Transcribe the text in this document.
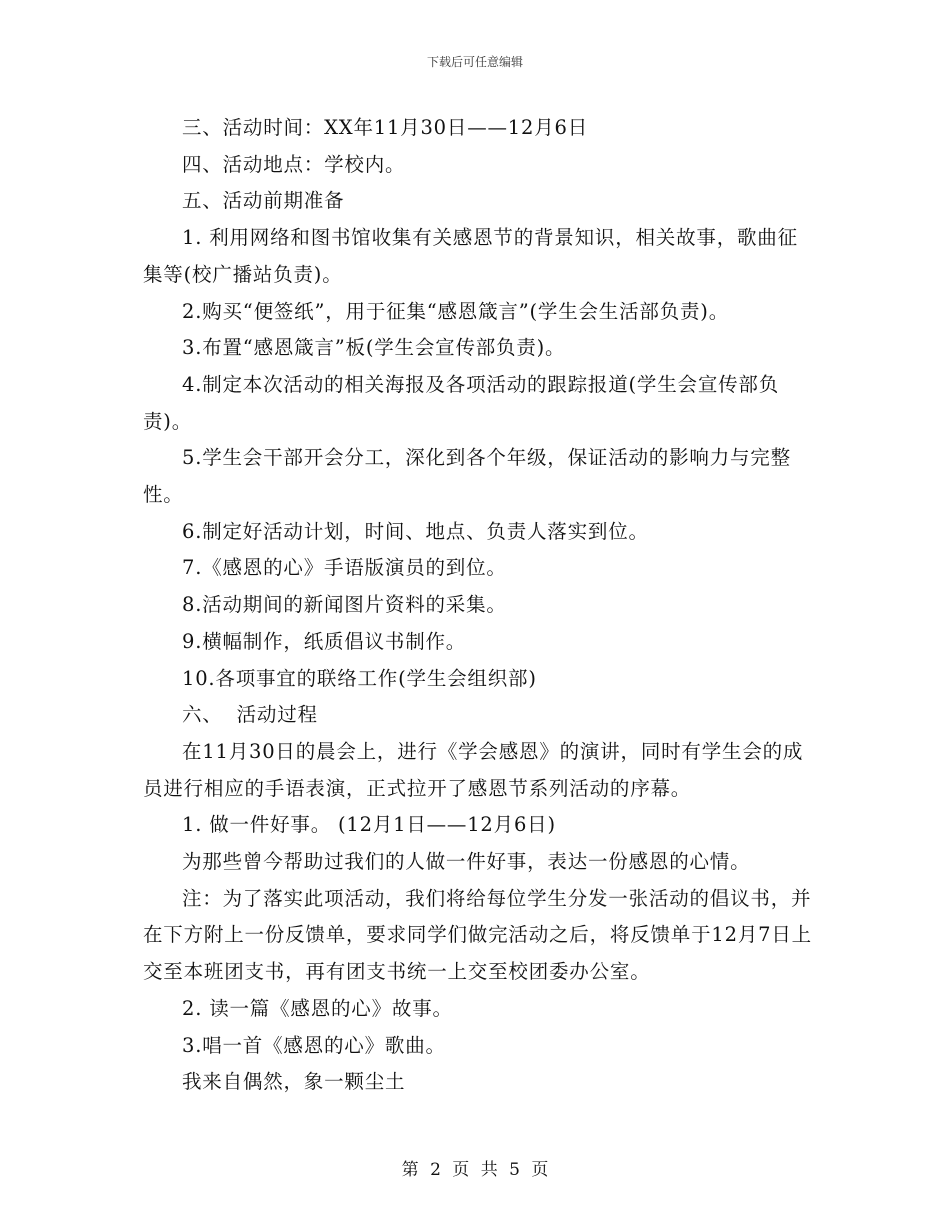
下载后可任意编辑

三、活动时间：XX年11月30日——12月6日

四、活动地点：学校内。

五、活动前期准备

1. 利用网络和图书馆收集有关感恩节的背景知识，相关故事，歌曲征集等(校广播站负责)。

2.购买“便签纸”，用于征集“感恩箴言”(学生会生活部负责)。

3.布置“感恩箴言”板(学生会宣传部负责)。

4.制定本次活动的相关海报及各项活动的跟踪报道(学生会宣传部负责)。

5.学生会干部开会分工，深化到各个年级，保证活动的影响力与完整性。

6.制定好活动计划，时间、地点、负责人落实到位。

7.《感恩的心》手语版演员的到位。

8.活动期间的新闻图片资料的采集。

9.横幅制作，纸质倡议书制作。

10.各项事宜的联络工作(学生会组织部)

六、  活动过程

在11月30日的晨会上，进行《学会感恩》的演讲，同时有学生会的成员进行相应的手语表演，正式拉开了感恩节系列活动的序幕。

1. 做一件好事。 (12月1日——12月6日)

为那些曾今帮助过我们的人做一件好事，表达一份感恩的心情。

注：为了落实此项活动，我们将给每位学生分发一张活动的倡议书，并在下方附上一份反馈单，要求同学们做完活动之后，将反馈单于12月7日上交至本班团支书，再有团支书统一上交至校团委办公室。

2. 读一篇《感恩的心》故事。

3.唱一首《感恩的心》歌曲。

我来自偶然，象一颗尘土

第 2 页 共 5 页
